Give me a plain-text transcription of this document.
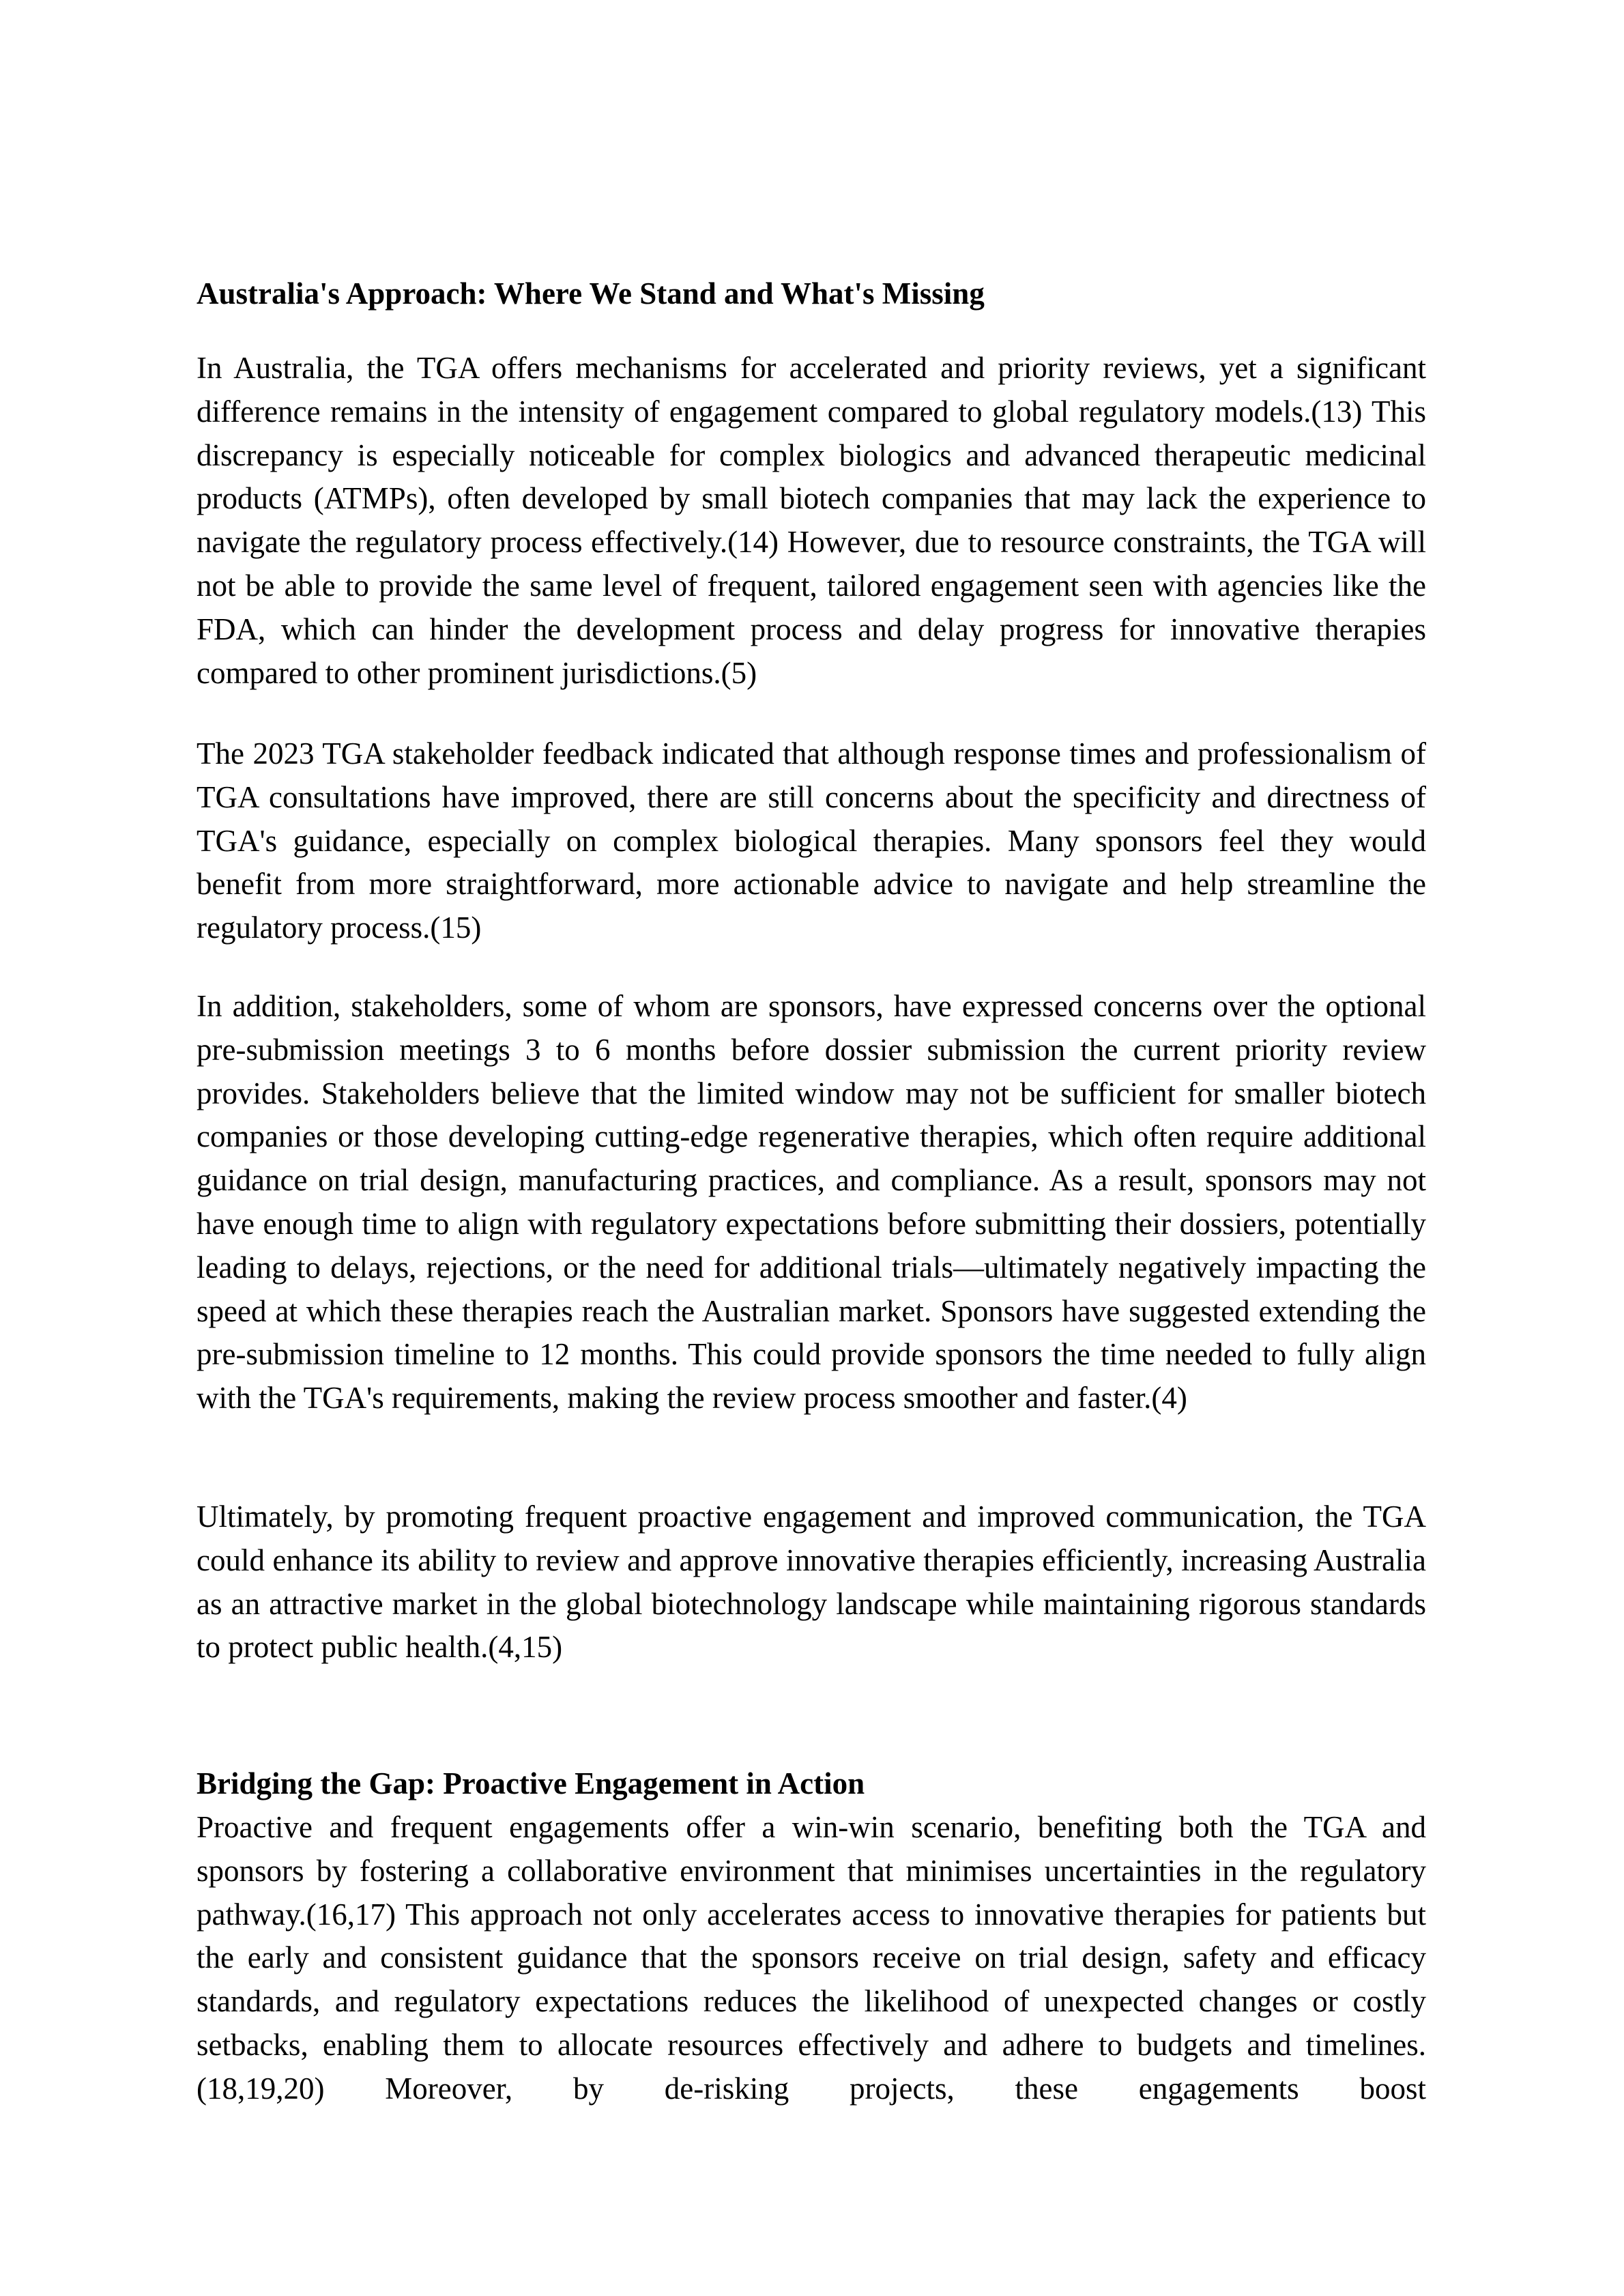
Australia's Approach: Where We Stand and What's Missing

In Australia, the TGA offers mechanisms for accelerated and priority reviews, yet a significant difference remains in the intensity of engagement compared to global regulatory models.(13) This discrepancy is especially noticeable for complex biologics and advanced therapeutic medicinal products (ATMPs), often developed by small biotech companies that may lack the experience to navigate the regulatory process effectively.(14) However, due to resource constraints, the TGA will not be able to provide the same level of frequent, tailored engagement seen with agencies like the FDA, which can hinder the development process and delay progress for innovative therapies compared to other prominent jurisdictions.(5)

The 2023 TGA stakeholder feedback indicated that although response times and professionalism of TGA consultations have improved, there are still concerns about the specificity and directness of TGA's guidance, especially on complex biological therapies. Many sponsors feel they would benefit from more straightforward, more actionable advice to navigate and help streamline the regulatory process.(15)

In addition, stakeholders, some of whom are sponsors, have expressed concerns over the optional pre-submission meetings 3 to 6 months before dossier submission the current priority review provides. Stakeholders believe that the limited window may not be sufficient for smaller biotech companies or those developing cutting-edge regenerative therapies, which often require additional guidance on trial design, manufacturing practices, and compliance. As a result, sponsors may not have enough time to align with regulatory expectations before submitting their dossiers, potentially leading to delays, rejections, or the need for additional trials—ultimately negatively impacting the speed at which these therapies reach the Australian market. Sponsors have suggested extending the pre-submission timeline to 12 months. This could provide sponsors the time needed to fully align with the TGA's requirements, making the review process smoother and faster.(4)

Ultimately, by promoting frequent proactive engagement and improved communication, the TGA could enhance its ability to review and approve innovative therapies efficiently, increasing Australia as an attractive market in the global biotechnology landscape while maintaining rigorous standards to protect public health.(4,15)

Bridging the Gap: Proactive Engagement in Action

Proactive and frequent engagements offer a win-win scenario, benefiting both the TGA and sponsors by fostering a collaborative environment that minimises uncertainties in the regulatory pathway.(16,17) This approach not only accelerates access to innovative therapies for patients but the early and consistent guidance that the sponsors receive on trial design, safety and efficacy standards, and regulatory expectations reduces the likelihood of unexpected changes or costly setbacks, enabling them to allocate resources effectively and adhere to budgets and timelines.(18,19,20) Moreover, by de-risking projects, these engagements boost
